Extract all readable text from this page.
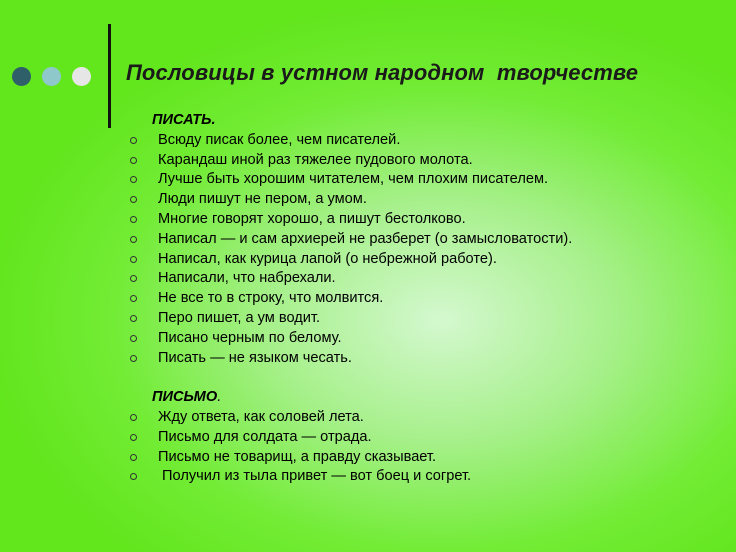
Пословицы в устном народном  творчестве
ПИСАТЬ.
Всюду писак более, чем писателей.
Карандаш иной раз тяжелее пудового молота.
Лучше быть хорошим читателем, чем плохим писателем.
Люди пишут не пером, а умом.
Многие говорят хорошо, а пишут бестолково.
Написал — и сам архиерей не разберет (о замысловатости).
Написал, как курица лапой (о небрежной работе).
Написали, что набрехали.
Не все то в строку, что молвится.
Перо пишет, а ум водит.
Писано черным по белому.
Писать — не языком чесать.
ПИСЬМО.
Жду ответа, как соловей лета.
Письмо для солдата — отрада.
Письмо не товарищ, а правду сказывает.
Получил из тыла привет — вот боец и согрет.
